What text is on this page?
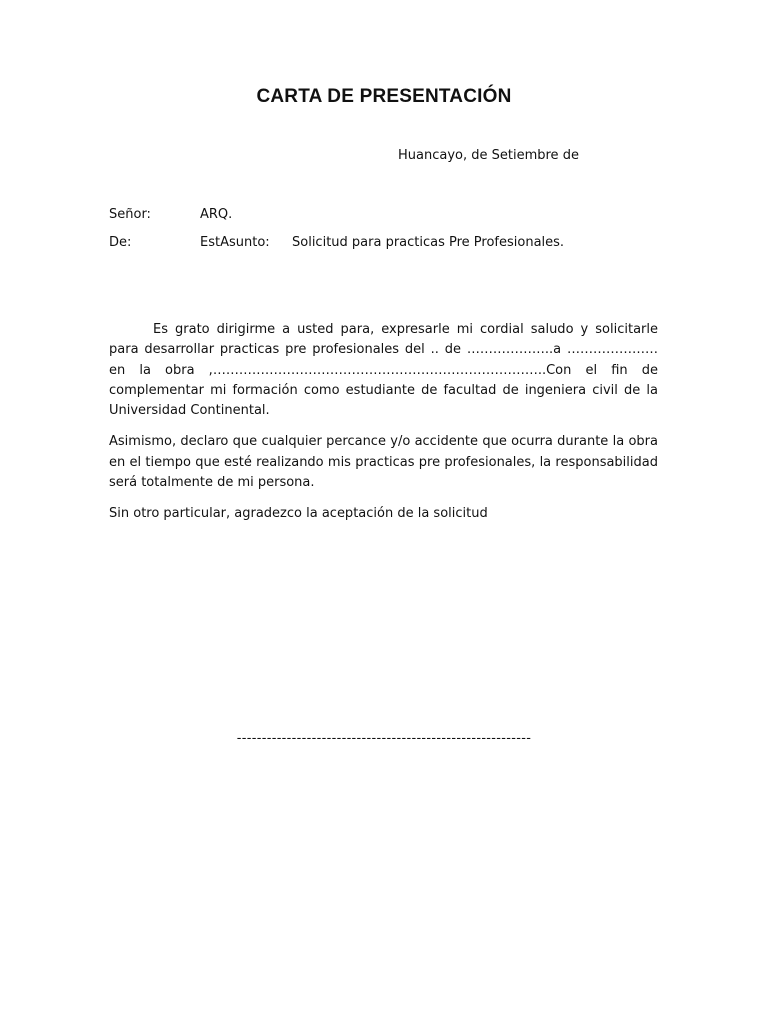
CARTA DE PRESENTACIÓN
Huancayo, de Setiembre de
Señor:	ARQ.
De:	EstAsunto: Solicitud para practicas Pre Profesionales.

Es grato dirigirme a usted para, expresarle mi cordial saludo y solicitarle para desarrollar practicas pre profesionales del .. de ………………..a ………………… en la obra ,…………………………………………………………………..Con el fin de complementar mi formación como estudiante de facultad de ingeniera civil de la Universidad Continental.

Asimismo, declaro que cualquier percance y/o accidente que ocurra durante la obra en el tiempo que esté realizando mis practicas pre profesionales, la responsabilidad será totalmente de mi persona.

Sin otro particular, agradezco la aceptación de la solicitud

-----------------------------------------------------------
